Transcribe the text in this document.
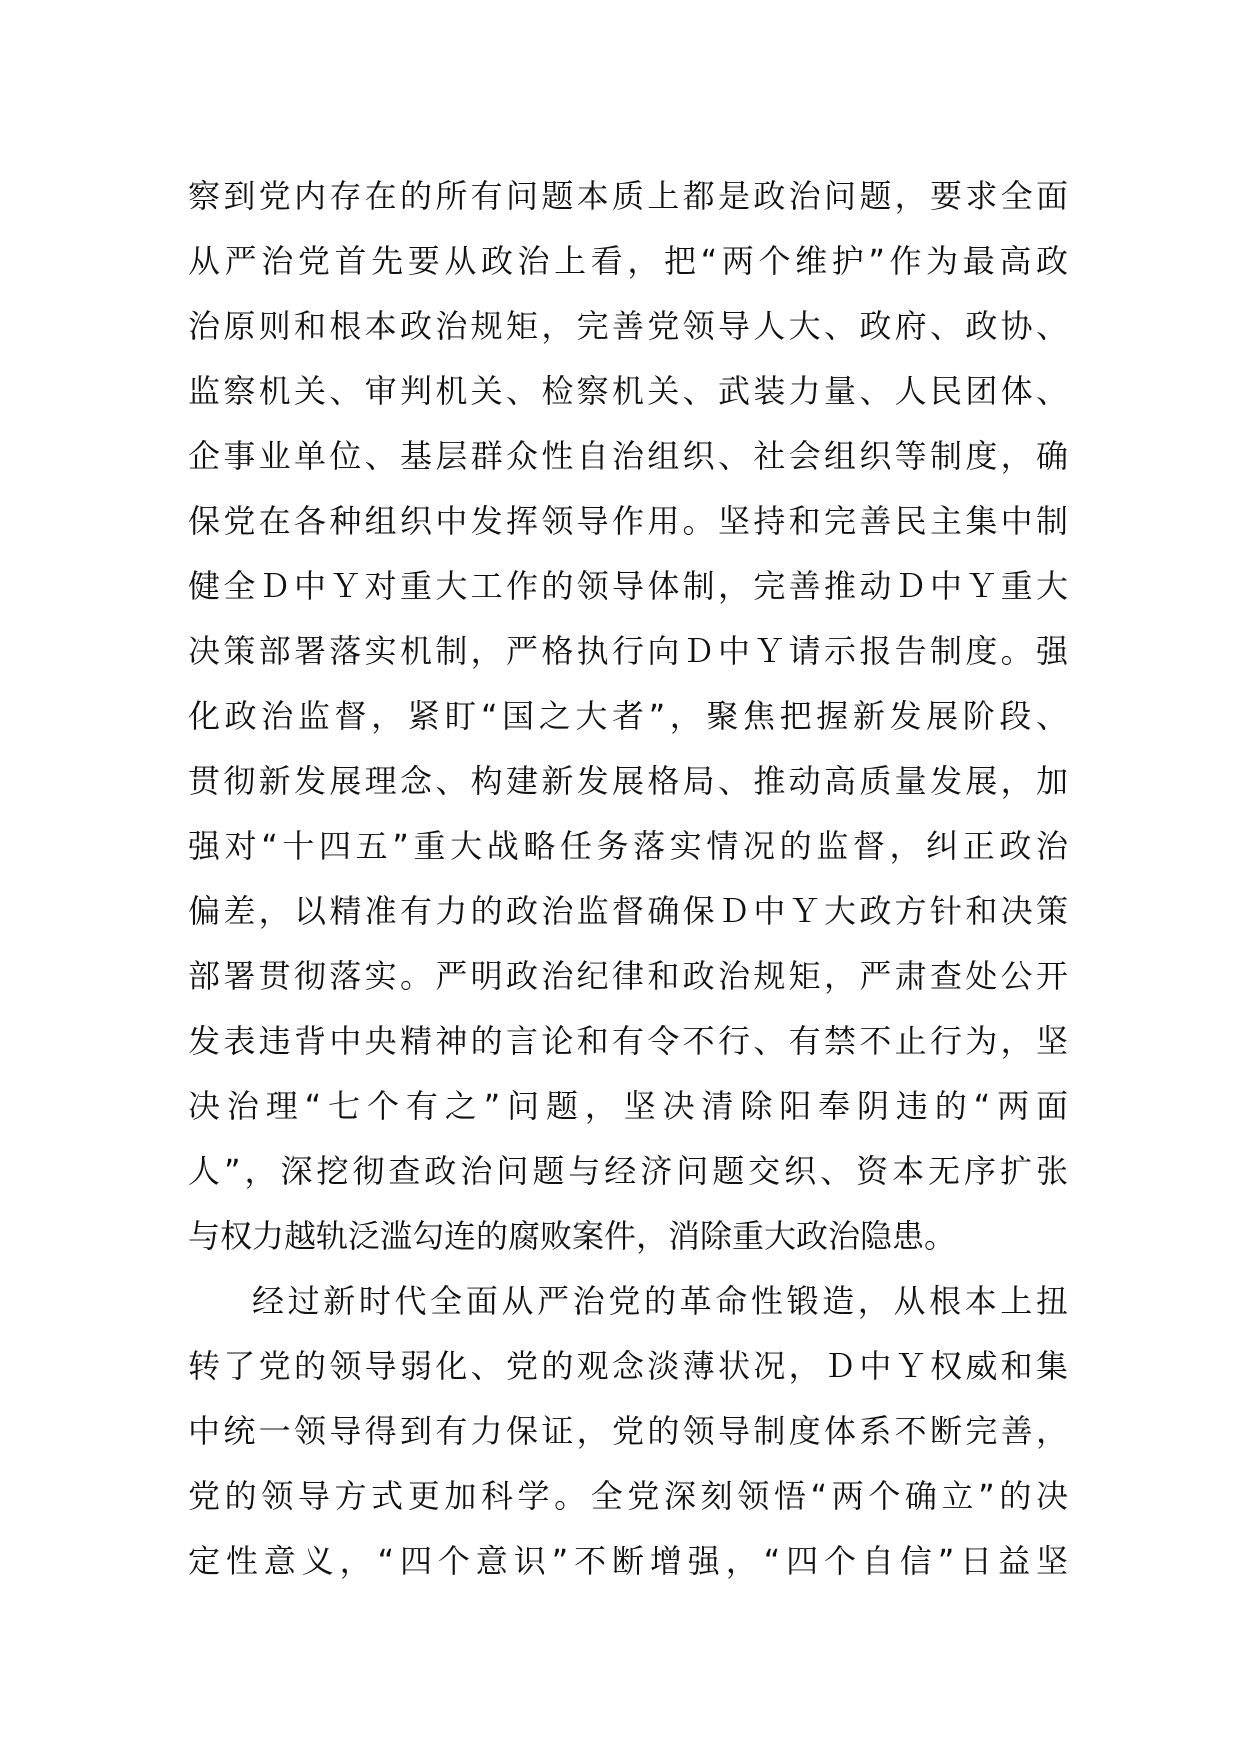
察到党内存在的所有问题本质上都是政治问题，要求全面
从严治党首先要从政治上看，把“两个维护”作为最高政
治原则和根本政治规矩，完善党领导人大、政府、政协、
监察机关、审判机关、检察机关、武装力量、人民团体、
企事业单位、基层群众性自治组织、社会组织等制度，确
保党在各种组织中发挥领导作用。坚持和完善民主集中制
健全Ｄ中Ｙ对重大工作的领导体制，完善推动Ｄ中Ｙ重大
决策部署落实机制，严格执行向Ｄ中Ｙ请示报告制度。强
化政治监督，紧盯“国之大者”，聚焦把握新发展阶段、
贯彻新发展理念、构建新发展格局、推动高质量发展，加
强对“十四五”重大战略任务落实情况的监督，纠正政治
偏差，以精准有力的政治监督确保Ｄ中Ｙ大政方针和决策
部署贯彻落实。严明政治纪律和政治规矩，严肃查处公开
发表违背中央精神的言论和有令不行、有禁不止行为，坚
决治理“七个有之”问题，坚决清除阳奉阴违的“两面
人”，深挖彻查政治问题与经济问题交织、资本无序扩张
与权力越轨泛滥勾连的腐败案件，消除重大政治隐患。
经过新时代全面从严治党的革命性锻造，从根本上扭
转了党的领导弱化、党的观念淡薄状况，Ｄ中Ｙ权威和集
中统一领导得到有力保证，党的领导制度体系不断完善，
党的领导方式更加科学。全党深刻领悟“两个确立”的决
定性意义，“四个意识”不断增强，“四个自信”日益坚
